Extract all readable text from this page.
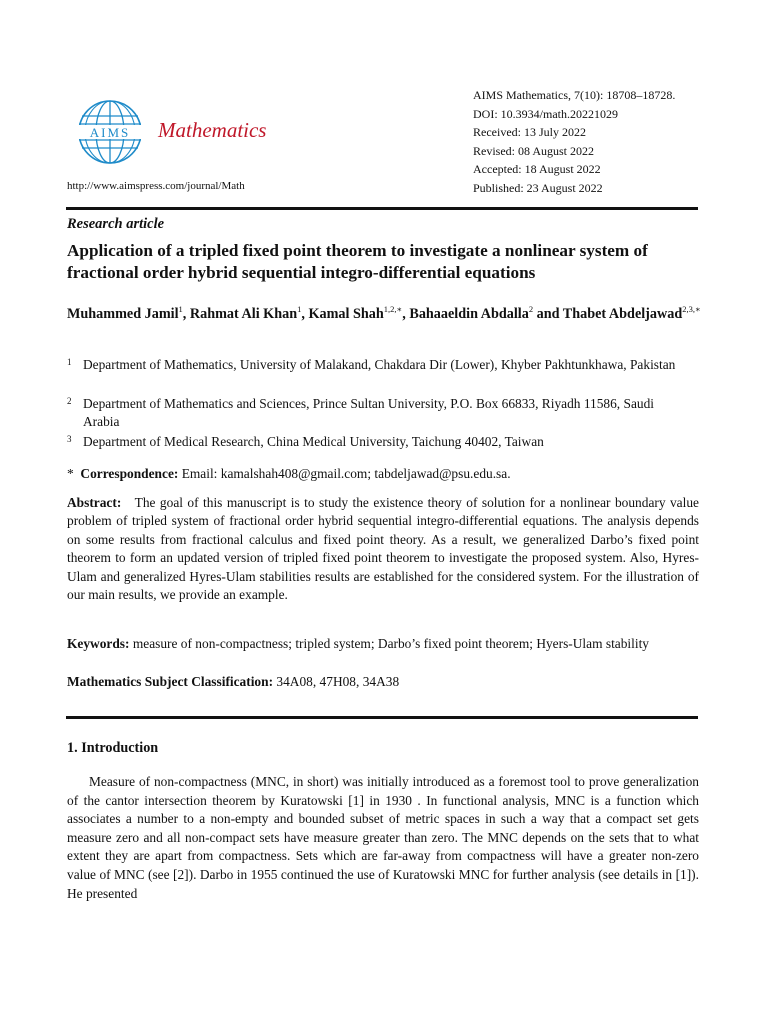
AIMS Mathematics
http://www.aimspress.com/journal/Math
AIMS Mathematics, 7(10): 18708–18728.
DOI: 10.3934/math.20221029
Received: 13 July 2022
Revised: 08 August 2022
Accepted: 18 August 2022
Published: 23 August 2022
Research article
Application of a tripled fixed point theorem to investigate a nonlinear system of fractional order hybrid sequential integro-differential equations
Muhammed Jamil$^1$, Rahmat Ali Khan$^1$, Kamal Shah$^{1,2,∗}$, Bahaaeldin Abdalla$^2$ and Thabet Abdeljawad$^{2,3,∗}$
1 Department of Mathematics, University of Malakand, Chakdara Dir (Lower), Khyber Pakhtunkhawa, Pakistan
2 Department of Mathematics and Sciences, Prince Sultan University, P.O. Box 66833, Riyadh 11586, Saudi Arabia
3 Department of Medical Research, China Medical University, Taichung 40402, Taiwan
* Correspondence: Email: kamalshah408@gmail.com; tabdeljawad@psu.edu.sa.
Abstract: The goal of this manuscript is to study the existence theory of solution for a nonlinear boundary value problem of tripled system of fractional order hybrid sequential integro-differential equations. The analysis depends on some results from fractional calculus and fixed point theory. As a result, we generalized Darbo’s fixed point theorem to form an updated version of tripled fixed point theorem to investigate the proposed system. Also, Hyres-Ulam and generalized Hyres-Ulam stabilities results are established for the considered system. For the illustration of our main results, we provide an example.
Keywords: measure of non-compactness; tripled system; Darbo’s fixed point theorem; Hyers-Ulam stability
Mathematics Subject Classification: 34A08, 47H08, 34A38
1. Introduction
Measure of non-compactness (MNC, in short) was initially introduced as a foremost tool to prove generalization of the cantor intersection theorem by Kuratowski [1] in 1930 . In functional analysis, MNC is a function which associates a number to a non-empty and bounded subset of metric spaces in such a way that a compact set gets measure zero and all non-compact sets have measure greater than zero. The MNC depends on the sets that to what extent they are apart from compactness. Sets which are far-away from compactness will have a greater non-zero value of MNC (see [2]). Darbo in 1955 continued the use of Kuratowski MNC for further analysis (see details in [1]). He presented
